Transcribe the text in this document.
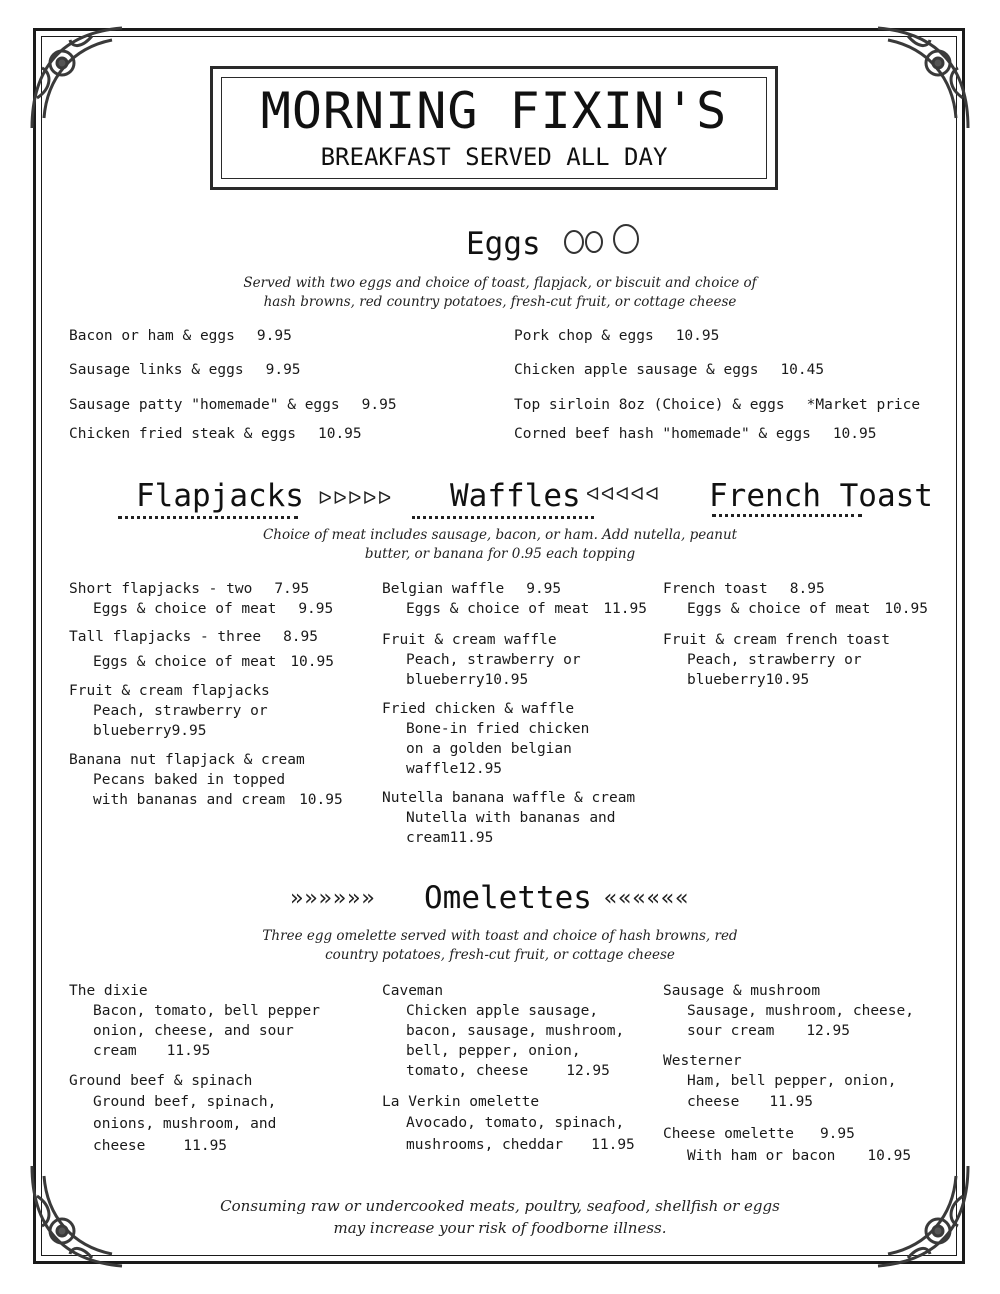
MORNING FIXIN'S
BREAKFAST SERVED ALL DAY
Eggs
Served with two eggs and choice of toast, flapjack, or biscuit and choice of
hash browns, red country potatoes, fresh-cut fruit, or cottage cheese
Bacon or ham & eggs 9.95
Sausage links & eggs 9.95
Sausage patty "homemade" & eggs 9.95
Chicken fried steak & eggs 10.95
Pork chop & eggs 10.95
Chicken apple sausage & eggs 10.45
Top sirloin 8oz (Choice) & eggs *Market price
Corned beef hash "homemade" & eggs 10.95
Flapjacks ᐅᐅᐅᐅᐅ Waffles ᐊᐊᐊᐊᐊ French Toast
Choice of meat includes sausage, bacon, or ham. Add nutella, peanut
butter, or banana for 0.95 each topping
Short flapjacks - two 7.95
Eggs & choice of meat 9.95
Tall flapjacks - three 8.95
Eggs & choice of meat 10.95
Fruit & cream flapjacks
Peach, strawberry or
blueberry9.95
Banana nut flapjack & cream
Pecans baked in topped
with bananas and cream 10.95
Belgian waffle 9.95
Eggs & choice of meat 11.95
Fruit & cream waffle
Peach, strawberry or
blueberry10.95
Fried chicken & waffle
Bone-in fried chicken
on a golden belgian
waffle12.95
Nutella banana waffle & cream
Nutella with bananas and
cream11.95
French toast 8.95
Eggs & choice of meat 10.95
Fruit & cream french toast
Peach, strawberry or
blueberry10.95
»»»»»» Omelettes ««««««
Three egg omelette served with toast and choice of hash browns, red
country potatoes, fresh-cut fruit, or cottage cheese
The dixie
Bacon, tomato, bell pepper
onion, cheese, and sour
cream 11.95
Ground beef & spinach
Ground beef, spinach,
onions, mushroom, and
cheese	11.95
Caveman
Chicken apple sausage,
bacon, sausage, mushroom,
bell, pepper, onion,
tomato, cheese	12.95
La Verkin omelette
Avocado, tomato, spinach,
mushrooms, cheddar 11.95
Sausage & mushroom
Sausage, mushroom, cheese,
sour cream 12.95
Westerner
Ham, bell pepper, onion,
cheese 11.95
Cheese omelette 9.95
With ham or bacon 10.95
Consuming raw or undercooked meats, poultry, seafood, shellfish or eggs
may increase your risk of foodborne illness.
